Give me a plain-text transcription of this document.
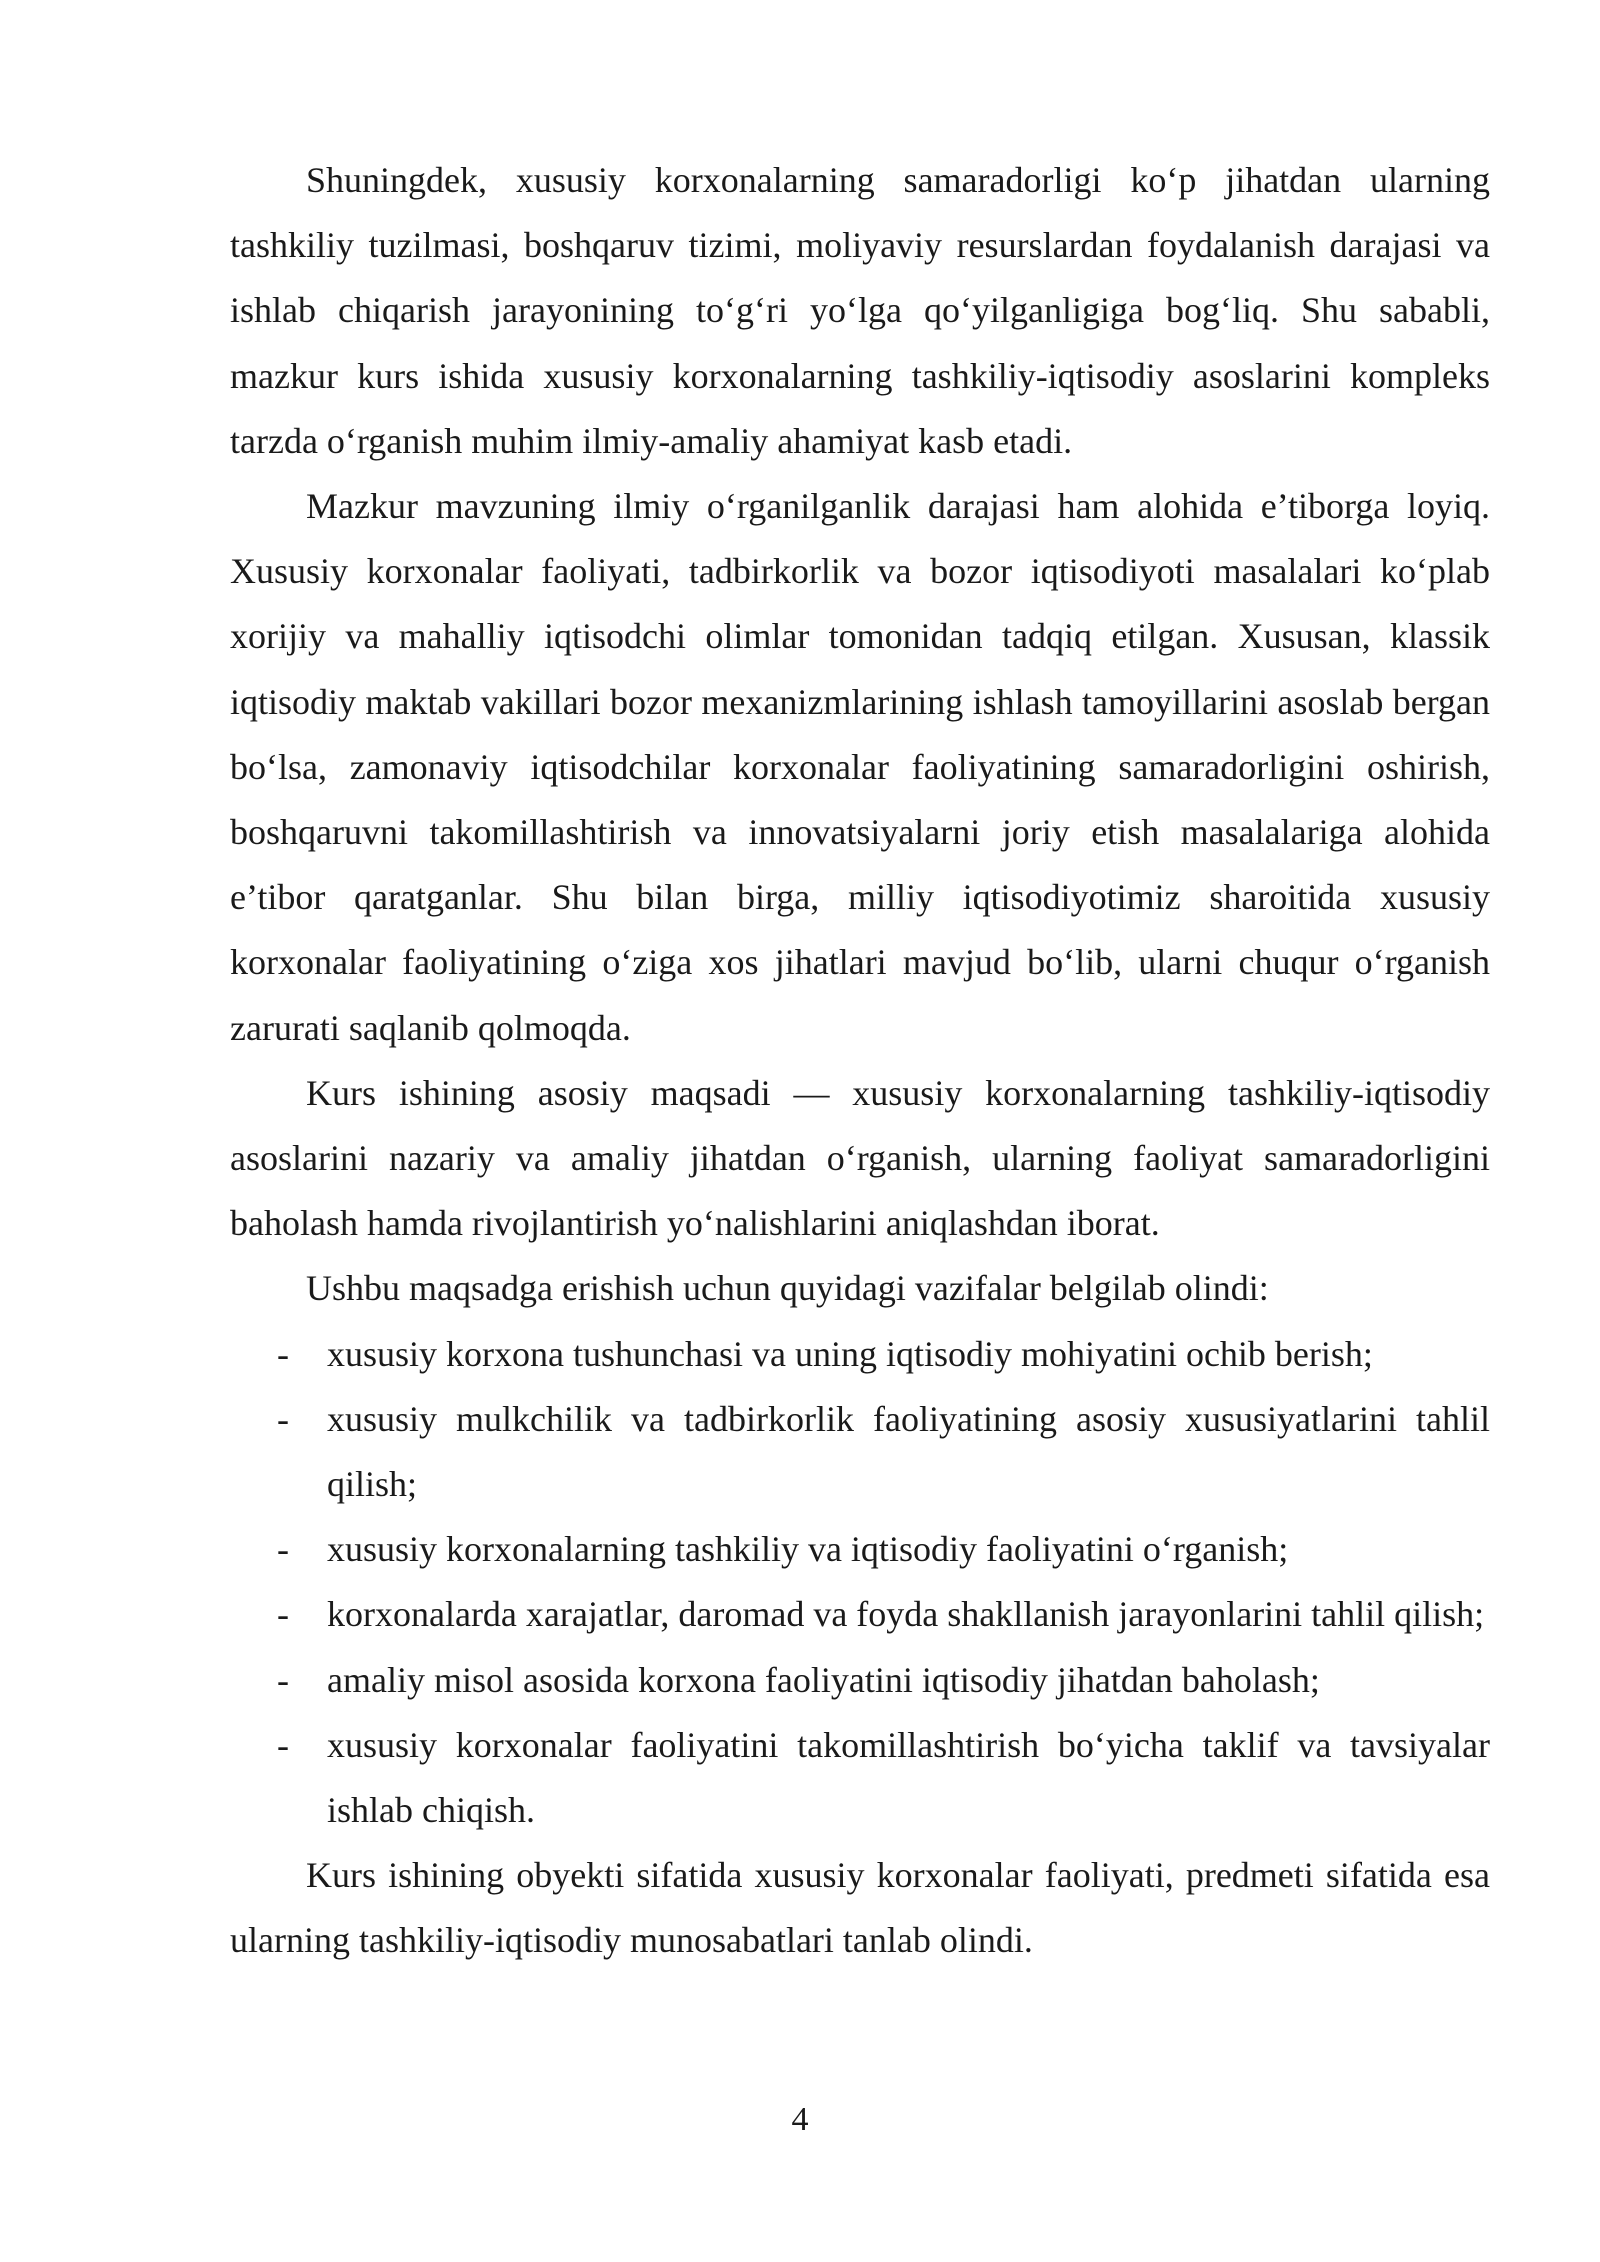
Shuningdek, xususiy korxonalarning samaradorligi ko‘p jihatdan ularning tashkiliy tuzilmasi, boshqaruv tizimi, moliyaviy resurslardan foydalanish darajasi va ishlab chiqarish jarayonining to‘g‘ri yo‘lga qo‘yilganligiga bog‘liq. Shu sababli, mazkur kurs ishida xususiy korxonalarning tashkiliy-iqtisodiy asoslarini kompleks tarzda o‘rganish muhim ilmiy-amaliy ahamiyat kasb etadi.

Mazkur mavzuning ilmiy o‘rganilganlik darajasi ham alohida e’tiborga loyiq. Xususiy korxonalar faoliyati, tadbirkorlik va bozor iqtisodiyoti masalalari ko‘plab xorijiy va mahalliy iqtisodchi olimlar tomonidan tadqiq etilgan. Xususan, klassik iqtisodiy maktab vakillari bozor mexanizmlarining ishlash tamoyillarini asoslab bergan bo‘lsa, zamonaviy iqtisodchilar korxonalar faoliyatining samaradorligini oshirish, boshqaruvni takomillashtirish va innovatsiyalarni joriy etish masalalariga alohida e’tibor qaratganlar. Shu bilan birga, milliy iqtisodiyotimiz sharoitida xususiy korxonalar faoliyatining o‘ziga xos jihatlari mavjud bo‘lib, ularni chuqur o‘rganish zarurati saqlanib qolmoqda.

Kurs ishining asosiy maqsadi — xususiy korxonalarning tashkiliy-iqtisodiy asoslarini nazariy va amaliy jihatdan o‘rganish, ularning faoliyat samaradorligini baholash hamda rivojlantirish yo‘nalishlarini aniqlashdan iborat.

Ushbu maqsadga erishish uchun quyidagi vazifalar belgilab olindi:

- xususiy korxona tushunchasi va uning iqtisodiy mohiyatini ochib berish;
- xususiy mulkchilik va tadbirkorlik faoliyatining asosiy xususiyatlarini tahlil qilish;
- xususiy korxonalarning tashkiliy va iqtisodiy faoliyatini o‘rganish;
- korxonalarda xarajatlar, daromad va foyda shakllanish jarayonlarini tahlil qilish;
- amaliy misol asosida korxona faoliyatini iqtisodiy jihatdan baholash;
- xususiy korxonalar faoliyatini takomillashtirish bo‘yicha taklif va tavsiyalar ishlab chiqish.

Kurs ishining obyekti sifatida xususiy korxonalar faoliyati, predmeti sifatida esa ularning tashkiliy-iqtisodiy munosabatlari tanlab olindi.

4
